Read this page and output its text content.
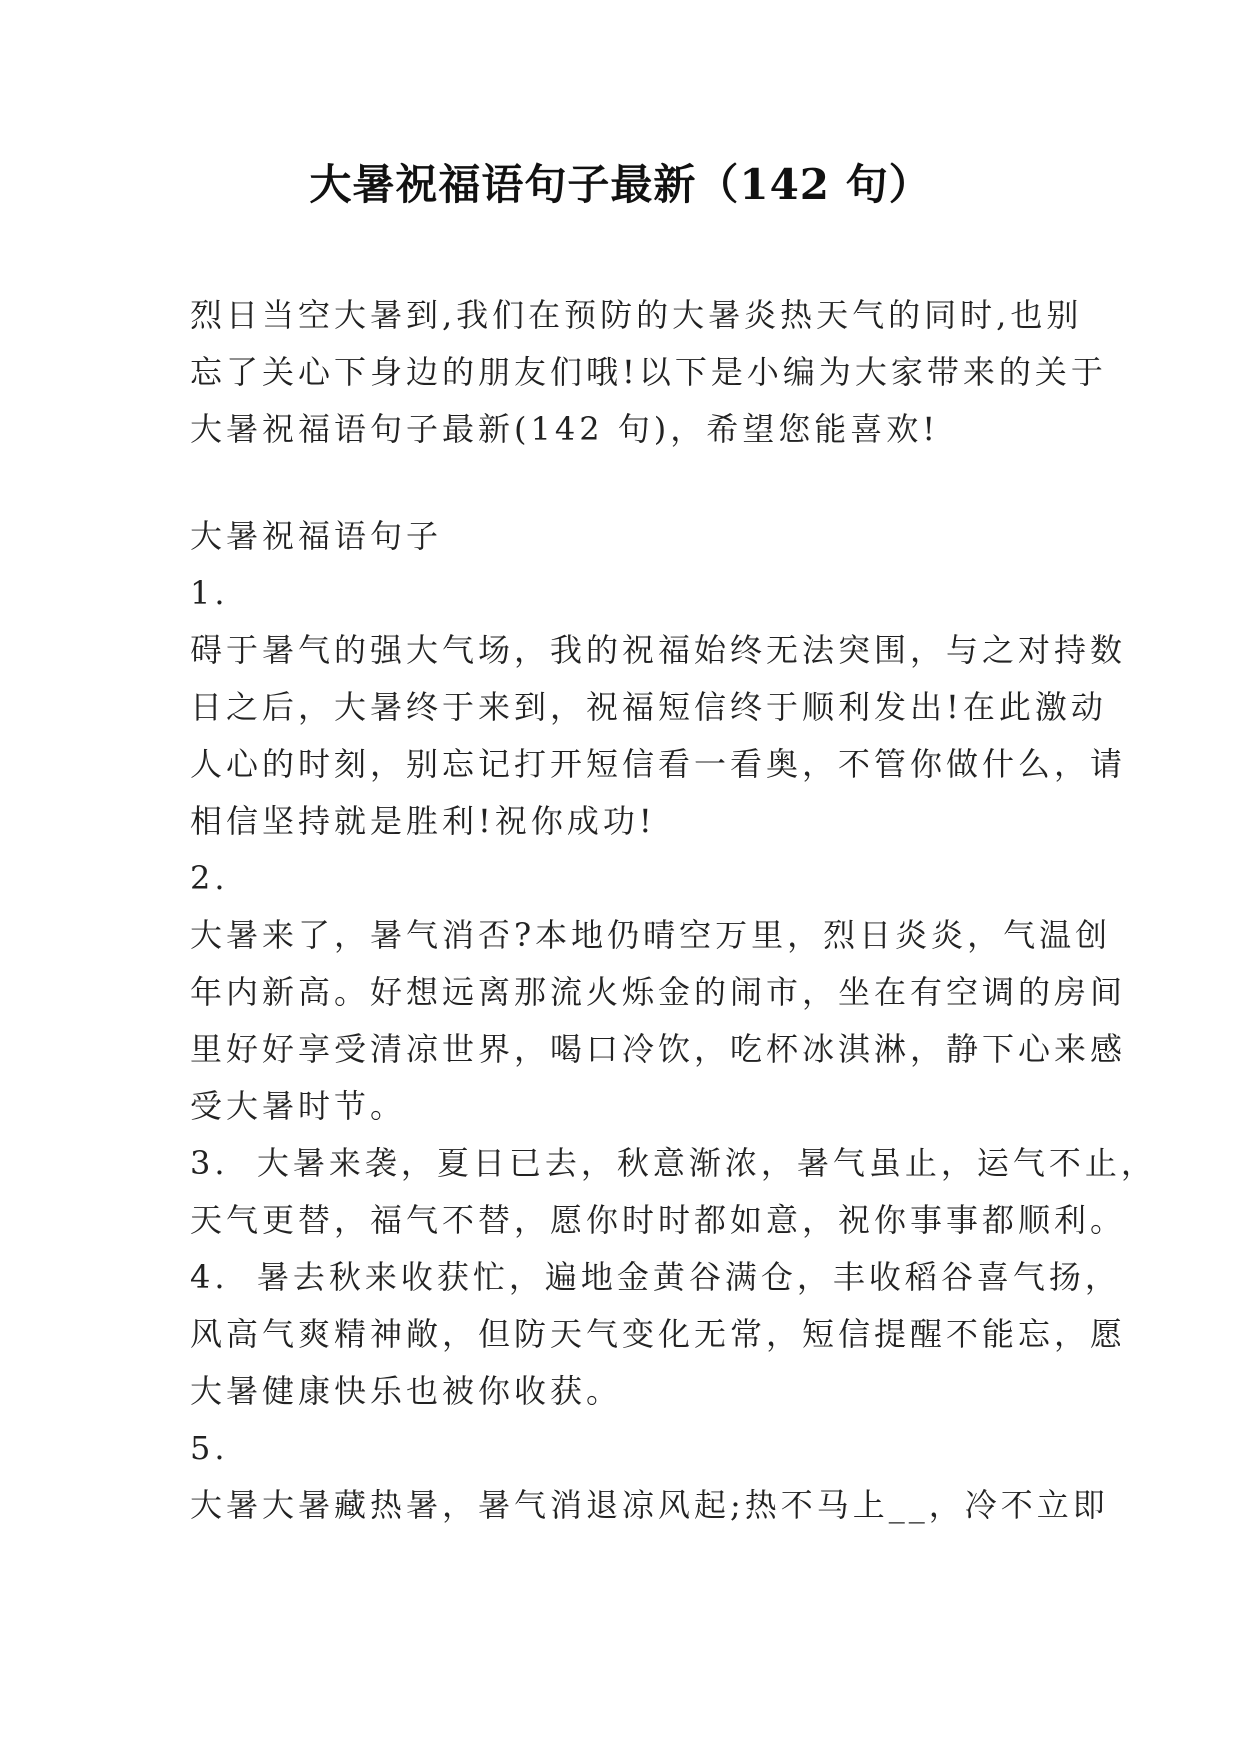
大暑祝福语句子最新（142 句）
烈日当空大暑到,我们在预防的大暑炎热天气的同时,也别
忘了关心下身边的朋友们哦!以下是小编为大家带来的关于
大暑祝福语句子最新(142 句)，希望您能喜欢!
大暑祝福语句子
1.
碍于暑气的强大气场，我的祝福始终无法突围，与之对持数
日之后，大暑终于来到，祝福短信终于顺利发出!在此激动
人心的时刻，别忘记打开短信看一看奥，不管你做什么，请
相信坚持就是胜利!祝你成功!
2.
大暑来了，暑气消否?本地仍晴空万里，烈日炎炎，气温创
年内新高。好想远离那流火烁金的闹市，坐在有空调的房间
里好好享受清凉世界，喝口冷饮，吃杯冰淇淋，静下心来感
受大暑时节。
3.  大暑来袭，夏日已去，秋意渐浓，暑气虽止，运气不止，
天气更替，福气不替，愿你时时都如意，祝你事事都顺利。
4.  暑去秋来收获忙，遍地金黄谷满仓，丰收稻谷喜气扬，
风高气爽精神敞，但防天气变化无常，短信提醒不能忘，愿
大暑健康快乐也被你收获。
5.
大暑大暑藏热暑，暑气消退凉风起;热不马上__，冷不立即
